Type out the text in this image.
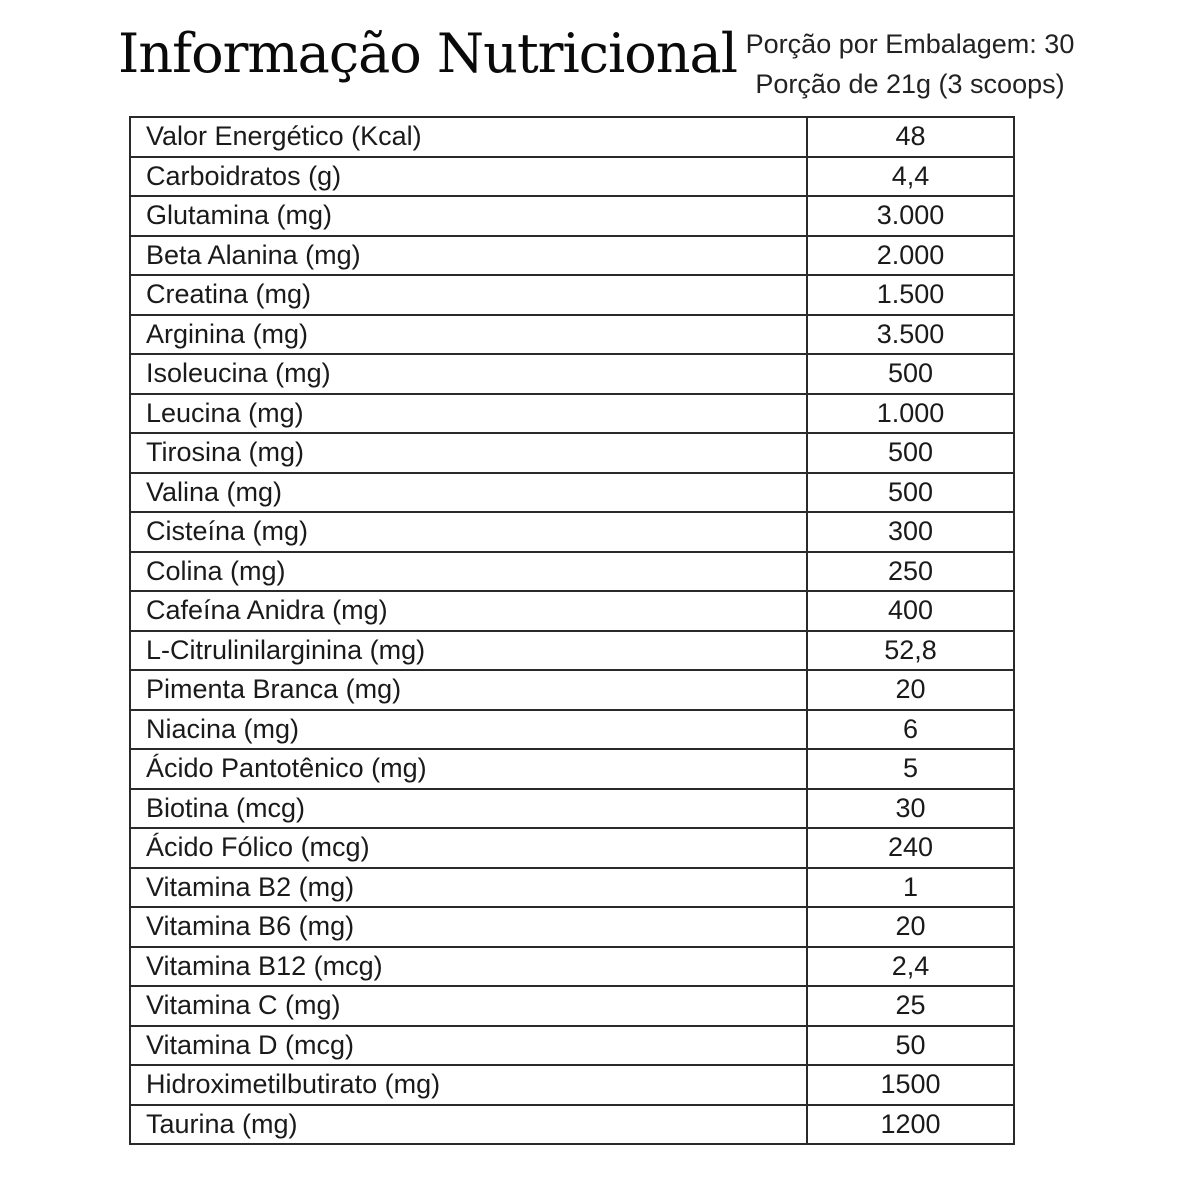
Informação Nutricional Porção por Embalagem: 30
Porção de 21g (3 scoops)
Valor Energético (Kcal)	48
Carboidratos (g)	4,4
Glutamina (mg)	3.000
Beta Alanina (mg)	2.000
Creatina (mg)	1.500
Arginina (mg)	3.500
Isoleucina (mg)	500
Leucina (mg)	1.000
Tirosina (mg)	500
Valina (mg)	500
Cisteína (mg)	300
Colina (mg)	250
Cafeína Anidra (mg)	400
L-Citrulinilarginina (mg)	52,8
Pimenta Branca (mg)	20
Niacina (mg)	6
Ácido Pantotênico (mg)	5
Biotina (mcg)	30
Ácido Fólico (mcg)	240
Vitamina B2 (mg)	1
Vitamina B6 (mg)	20
Vitamina B12 (mcg)	2,4
Vitamina C (mg)	25
Vitamina D (mcg)	50
Hidroximetilbutirato (mg)	1500
Taurina (mg)	1200
